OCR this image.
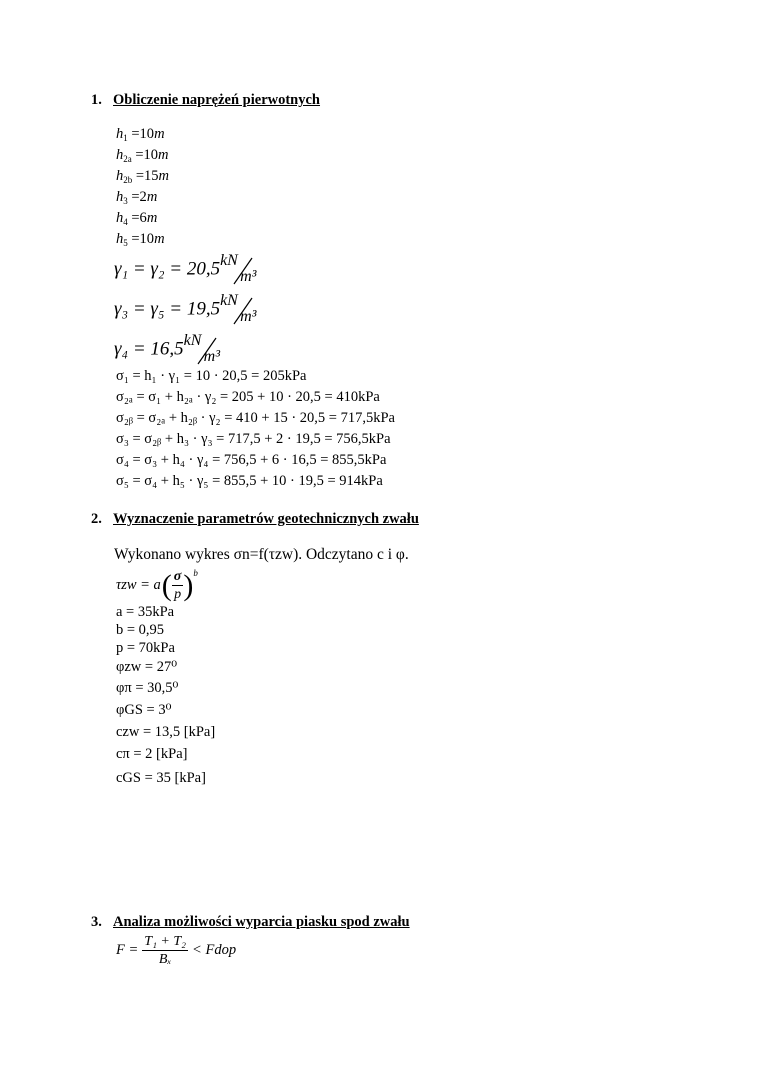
1. Obliczenie naprężeń pierwotnych
$h_1 =10m$
$h_{2a} =10m$
$h_{2b} =15m$
$h_3 =2m$
$h_4 =6m$
$h_5 =10m$
γ₁ = γ₂ = 20,5 kN
m³
γ₃ = γ₅ = 19,5 kN
m³
γ₄ = 16,5 kN
m³
σ₁ = h₁ · γ₁ = 10 · 20,5 = 205kPa
σ₂ₐ = σ₁ + h₂ₐ · γ₂ = 205 + 10 · 20,5 = 410kPa
σ₂ᵦ = σ₂ₐ + h₂ᵦ · γ₂ = 410 + 15 · 20,5 = 717,5kPa
σ₃ = σ₂ᵦ + h₃ · γ₃ = 717,5 + 2 · 19,5 = 756,5kPa
σ₄ = σ₃ + h₄ · γ₄ = 756,5 + 6 · 16,5 = 855,5kPa
σ₅ = σ₄ + h₅ · γ₅ = 855,5 + 10 · 19,5 = 914kPa
2. Wyznaczenie parametrów geotechnicznych zwału
Wykonano wykres σn=f(τzw). Odczytano c i φ.
τzw = a ( $\frac{\sigma}{p}$ ) b
a = 35kPa
b = 0,95
p = 70kPa
φzw = 27⁰
φπ = 30,5⁰
φGS = 3⁰
czw = 13,5 [kPa]
cπ = 2 [kPa]
cGS = 35 [kPa]
3. Analiza możliwości wyparcia piasku spod zwału
$F = \frac{\text{T₁ + T₂}}{\text{Bₓ}}$ < Fdop
